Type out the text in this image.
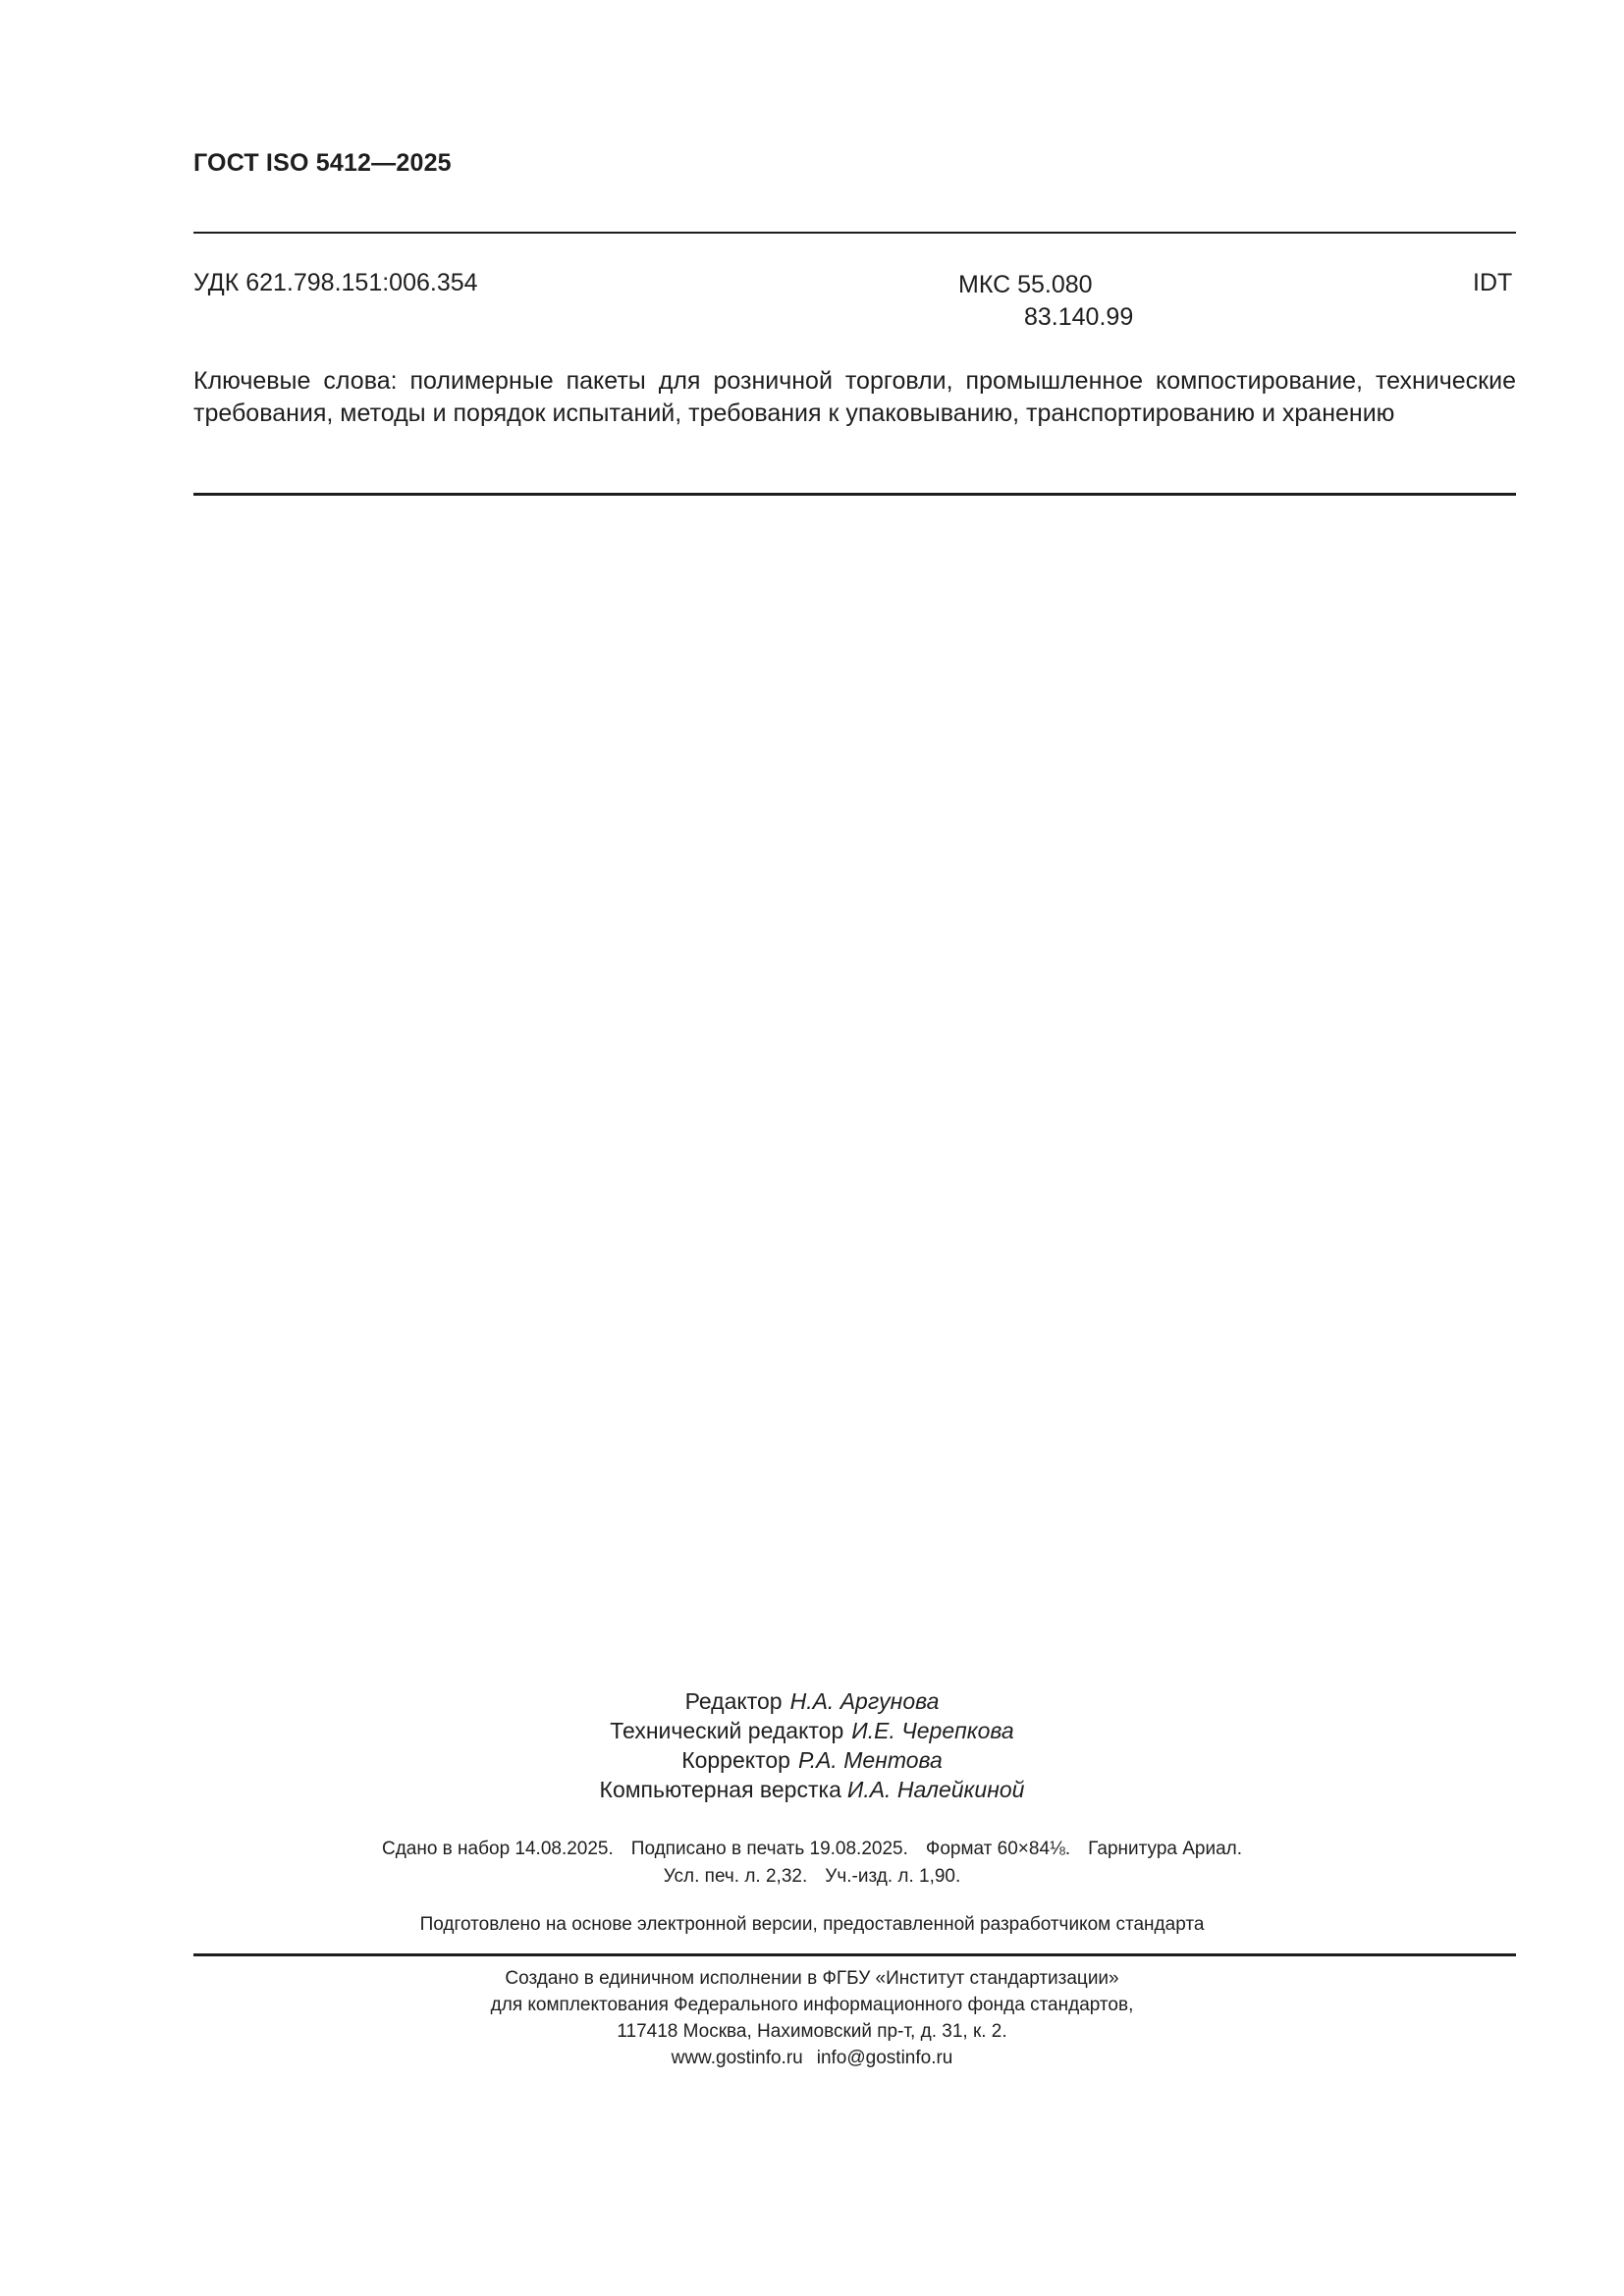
ГОСТ ISO 5412—2025
УДК 621.798.151:006.354	МКС 55.080
83.140.99
IDT
Ключевые слова: полимерные пакеты для розничной торговли, промышленное компостирование, технические требования, методы и порядок испытаний, требования к упаковыванию, транспортированию и хранению
Редактор Н.А. Аргунова
Технический редактор И.Е. Черепкова
Корректор Р.А. Ментова
Компьютерная верстка И.А. Налейкиной
Сдано в набор 14.08.2025. Подписано в печать 19.08.2025. Формат 60×84⅛. Гарнитура Ариал.
Усл. печ. л. 2,32. Уч.-изд. л. 1,90.
Подготовлено на основе электронной версии, предоставленной разработчиком стандарта
Создано в единичном исполнении в ФГБУ «Институт стандартизации»
для комплектования Федерального информационного фонда стандартов,
117418 Москва, Нахимовский пр-т, д. 31, к. 2.
www.gostinfo.ru info@gostinfo.ru
